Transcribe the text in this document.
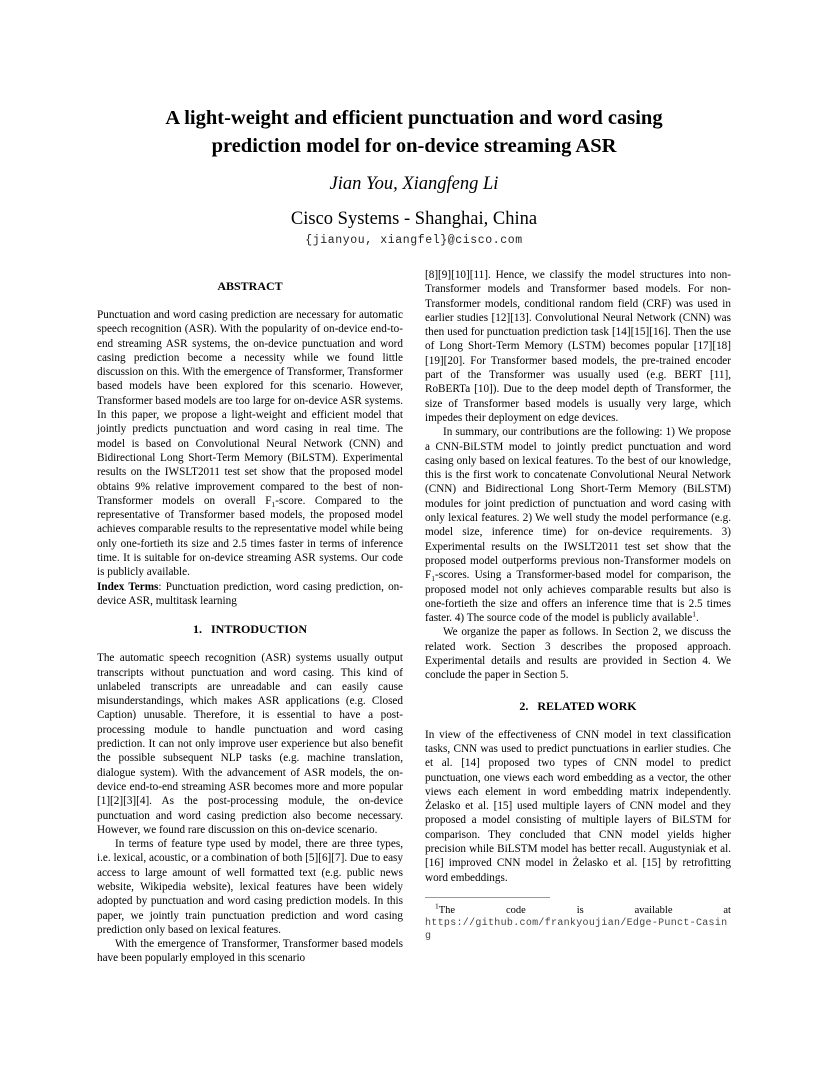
A light-weight and efficient punctuation and word casing
prediction model for on-device streaming ASR
Jian You, Xiangfeng Li
Cisco Systems - Shanghai, China
{jianyou, xiangfel}@cisco.com
ABSTRACT

Punctuation and word casing prediction are necessary for automatic speech recognition (ASR). With the popularity of on-device end-to-end streaming ASR systems, the on-device punctuation and word casing prediction become a necessity while we found little discussion on this. With the emergence of Transformer, Transformer based models have been explored for this scenario. However, Transformer based models are too large for on-device ASR systems. In this paper, we propose a light-weight and efficient model that jointly predicts punctuation and word casing in real time. The model is based on Convolutional Neural Network (CNN) and Bidirectional Long Short-Term Memory (BiLSTM). Experimental results on the IWSLT2011 test set show that the proposed model obtains 9% relative improvement compared to the best of non-Transformer models on overall $F_1$-score. Compared to the representative of Transformer based models, the proposed model achieves comparable results to the representative model while being only one-fortieth its size and 2.5 times faster in terms of inference time. It is suitable for on-device streaming ASR systems. Our code is publicly available.

Index Terms: Punctuation prediction, word casing prediction, on-device ASR, multitask learning

1.   INTRODUCTION

The automatic speech recognition (ASR) systems usually output transcripts without punctuation and word casing. This kind of unlabeled transcripts are unreadable and can easily cause misunderstandings, which makes ASR applications (e.g. Closed Caption) unusable. Therefore, it is essential to have a post-processing module to handle punctuation and word casing prediction. It can not only improve user experience but also benefit the possible subsequent NLP tasks (e.g. machine translation, dialogue system). With the advancement of ASR models, the on-device end-to-end streaming ASR becomes more and more popular [1][2][3][4]. As the post-processing module, the on-device punctuation and word casing prediction also become necessary. However, we found rare discussion on this on-device scenario.

In terms of feature type used by model, there are three types, i.e. lexical, acoustic, or a combination of both [5][6][7]. Due to easy access to large amount of well formatted text (e.g. public news website, Wikipedia website), lexical features have been widely adopted by punctuation and word casing prediction models. In this paper, we jointly train punctuation prediction and word casing prediction only based on lexical features.

With the emergence of Transformer, Transformer based models have been popularly employed in this scenario

[8][9][10][11]. Hence, we classify the model structures into non-Transformer models and Transformer based models. For non-Transformer models, conditional random field (CRF) was used in earlier studies [12][13]. Convolutional Neural Network (CNN) was then used for punctuation prediction task [14][15][16]. Then the use of Long Short-Term Memory (LSTM) becomes popular [17][18][19][20]. For Transformer based models, the pre-trained encoder part of the Transformer was usually used (e.g. BERT [11], RoBERTa [10]). Due to the deep model depth of Transformer, the size of Transformer based models is usually very large, which impedes their deployment on edge devices.

In summary, our contributions are the following: 1) We propose a CNN-BiLSTM model to jointly predict punctuation and word casing only based on lexical features. To the best of our knowledge, this is the first work to concatenate Convolutional Neural Network (CNN) and Bidirectional Long Short-Term Memory (BiLSTM) modules for joint prediction of punctuation and word casing with only lexical features. 2) We well study the model performance (e.g. model size, inference time) for on-device requirements. 3) Experimental results on the IWSLT2011 test set show that the proposed model outperforms previous non-Transformer models on $F_1$-scores. Using a Transformer-based model for comparison, the proposed model not only achieves comparable results but also is one-fortieth the size and offers an inference time that is 2.5 times faster. 4) The source code of the model is publicly available$^1$.

We organize the paper as follows. In Section 2, we discuss the related work. Section 3 describes the proposed approach. Experimental details and results are provided in Section 4. We conclude the paper in Section 5.

2.   RELATED WORK

In view of the effectiveness of CNN model in text classification tasks, CNN was used to predict punctuations in earlier studies. Che et al. [14] proposed two types of CNN model to predict punctuation, one views each word embedding as a vector, the other views each element in word embedding matrix independently. Żelasko et al. [15] used multiple layers of CNN model and they proposed a model consisting of multiple layers of BiLSTM for comparison. They concluded that CNN model yields higher precision while BiLSTM model has better recall. Augustyniak et al. [16] improved CNN model in Żelasko et al. [15] by retrofitting word embeddings.

$^1$The	code	is	available	at
https://github.com/frankyoujian/Edge-Punct-Casing
